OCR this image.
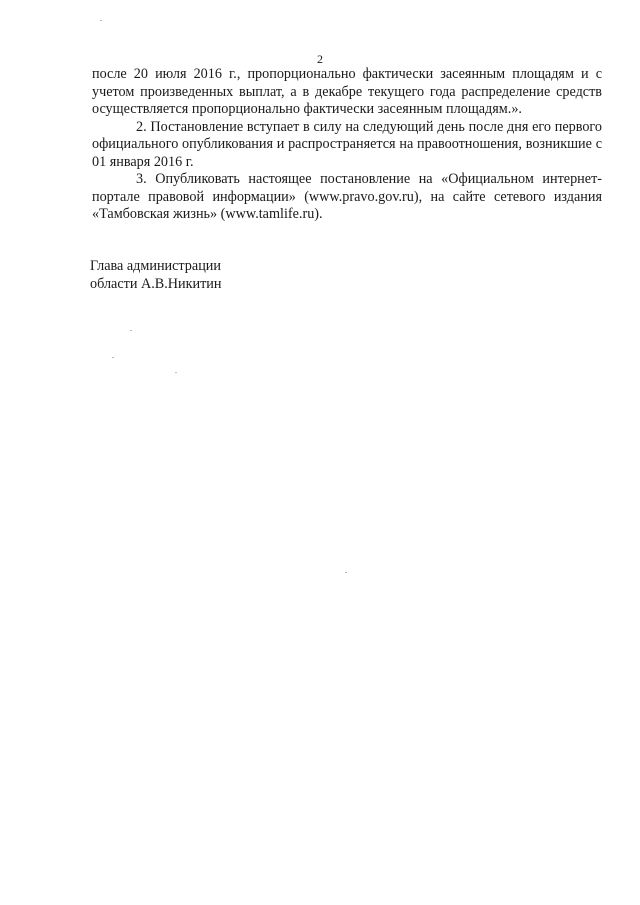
2

после 20 июля 2016 г., пропорционально фактически засеянным площадям и с учетом произведенных выплат, а в декабре текущего года распределение средств осуществляется пропорционально фактически засеянным площадям.».

2. Постановление вступает в силу на следующий день после дня его первого официального опубликования и распространяется на правоотношения, возникшие с 01 января 2016 г.

3. Опубликовать настоящее постановление на «Официальном интернет-портале правовой информации» (www.pravo.gov.ru), на сайте сетевого издания «Тамбовская жизнь» (www.tamlife.ru).

Глава администрации
области А.В.Никитин
